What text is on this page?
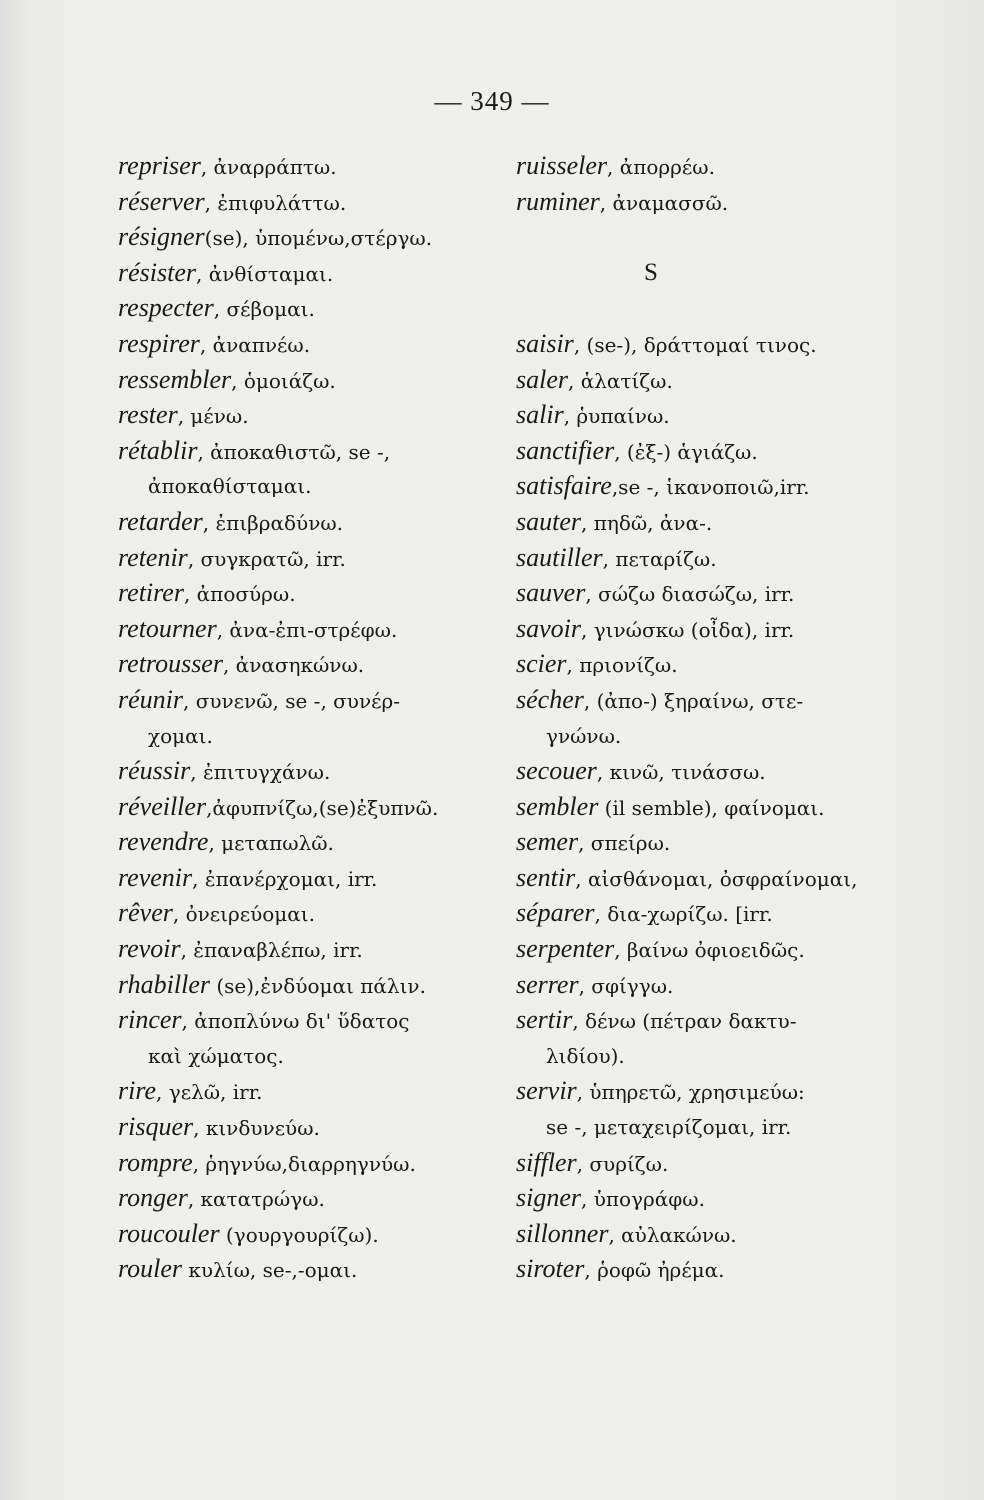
— 349 —
repriser, ἀναρράπτω.
réserver, ἐπιφυλάττω.
résigner(se), ὑπομένω,στέργω.
résister, ἀνθίσταμαι.
respecter, σέβομαι.
respirer, ἀναπνέω.
ressembler, ὁμοιάζω.
rester, μένω.
rétablir, ἀποκαθιστῶ, se -,
ἀποκαθίσταμαι.
retarder, ἐπιβραδύνω.
retenir, συγκρατῶ, irr.
retirer, ἀποσύρω.
retourner, ἀνα-ἐπι-στρέφω.
retrousser, ἀνασηκώνω.
réunir, συνενῶ, se -, συνέρ-
χομαι.
réussir, ἐπιτυγχάνω.
réveiller,ἀφυπνίζω,(se)ἐξυπνῶ.
revendre, μεταπωλῶ.
revenir, ἐπανέρχομαι, irr.
rêver, ὀνειρεύομαι.
revoir, ἐπαναβλέπω, irr.
rhabiller (se),ἐνδύομαι πάλιν.
rincer, ἀποπλύνω δι' ὕδατος
καὶ χώματος.
rire, γελῶ, irr.
risquer, κινδυνεύω.
rompre, ῥηγνύω,διαρρηγνύω.
ronger, κατατρώγω.
roucouler (γουργουρίζω).
rouler κυλίω, se-,-ομαι.
ruisseler, ἀπορρέω.
ruminer, ἀναμασσῶ.
S
saisir, (se-), δράττομαί τινος.
saler, ἁλατίζω.
salir, ῥυπαίνω.
sanctifier, (ἐξ-) ἁγιάζω.
satisfaire,se -, ἱκανοποιῶ,irr.
sauter, πηδῶ, ἀνα-.
sautiller, πεταρίζω.
sauver, σώζω διασώζω, irr.
savoir, γινώσκω (οἶδα), irr.
scier, πριονίζω.
sécher, (ἀπο-) ξηραίνω, στε-
γνώνω.
secouer, κινῶ, τινάσσω.
sembler (il semble), φαίνομαι.
semer, σπείρω.
sentir, αἰσθάνομαι, ὀσφραίνομαι,
séparer, δια-χωρίζω. [irr.
serpenter, βαίνω ὀφιοειδῶς.
serrer, σφίγγω.
sertir, δένω (πέτραν δακτυ-
λιδίου).
servir, ὑπηρετῶ, χρησιμεύω:
se -, μεταχειρίζομαι, irr.
siffler, συρίζω.
signer, ὑπογράφω.
sillonner, αὐλακώνω.
siroter, ῥοφῶ ἠρέμα.
